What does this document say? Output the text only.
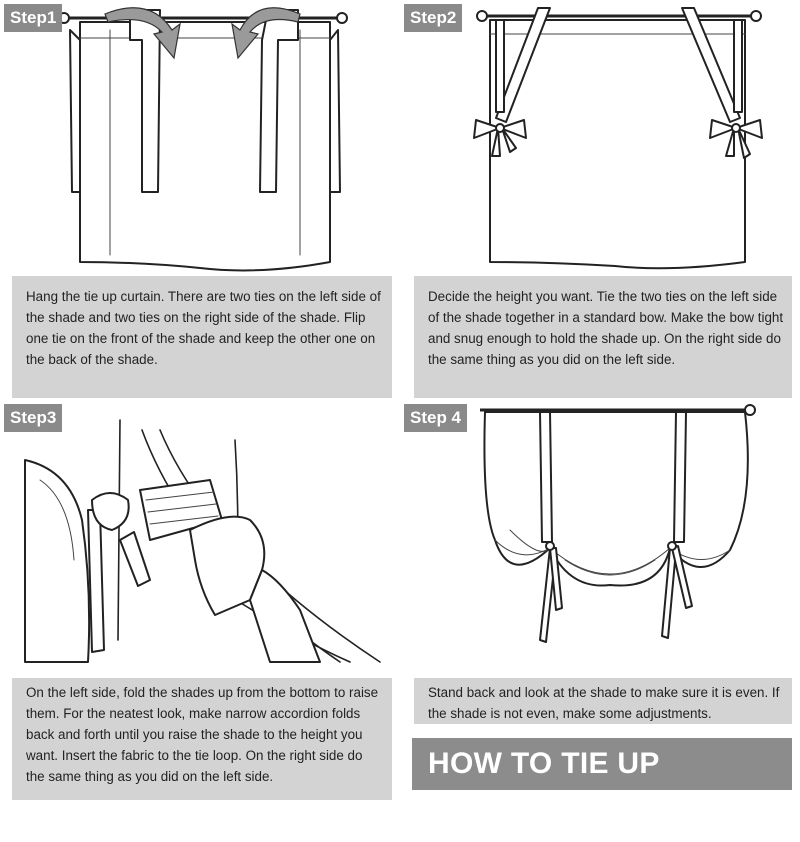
Step1
Hang the tie up curtain. There are two ties on the left side of the shade and two ties on the right side of the shade. Flip one tie on the front of the shade and keep the other one on the back of the shade.
Step2
Decide the height you want. Tie the two ties on the left side of the shade together in a standard bow. Make the bow tight and snug enough to hold the shade up. On the right side do the same thing as you did on the left side.
Step3
On the left side, fold the shades up from the bottom to raise them. For the neatest look, make narrow accordion folds back and forth until you raise the shade to the height you want. Insert the fabric to the tie loop. On the right side do the same thing as you did on the left side.
Step 4
Stand back and look at the shade to make sure it is even. If the shade is not even, make some adjustments.
HOW TO TIE UP CURTAIN
